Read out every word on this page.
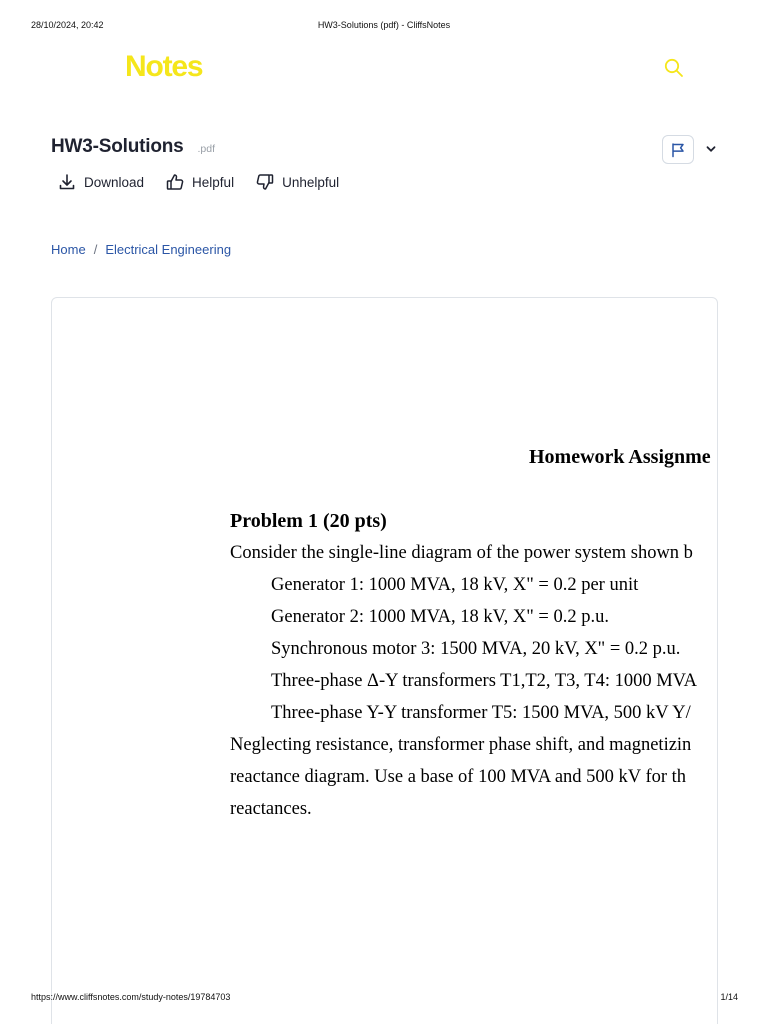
28/10/2024, 20:42	HW3-Solutions (pdf) - CliffsNotes
Notes
HW3-Solutions .pdf
Download	Helpful	Unhelpful
Home / Electrical Engineering
Homework Assignme
Problem 1 (20 pts)
Consider the single-line diagram of the power system shown b
Generator 1: 1000 MVA, 18 kV, X" = 0.2 per unit
Generator 2: 1000 MVA, 18 kV, X" = 0.2 p.u.
Synchronous motor 3: 1500 MVA, 20 kV, X" = 0.2 p.u.
Three-phase Δ-Y transformers T1,T2, T3, T4: 1000 MVA
Three-phase Y-Y transformer T5: 1500 MVA, 500 kV Y/
Neglecting resistance, transformer phase shift, and magnetizin
reactance diagram. Use a base of 100 MVA and 500 kV for th
reactances.
https://www.cliffsnotes.com/study-notes/19784703	1/14
